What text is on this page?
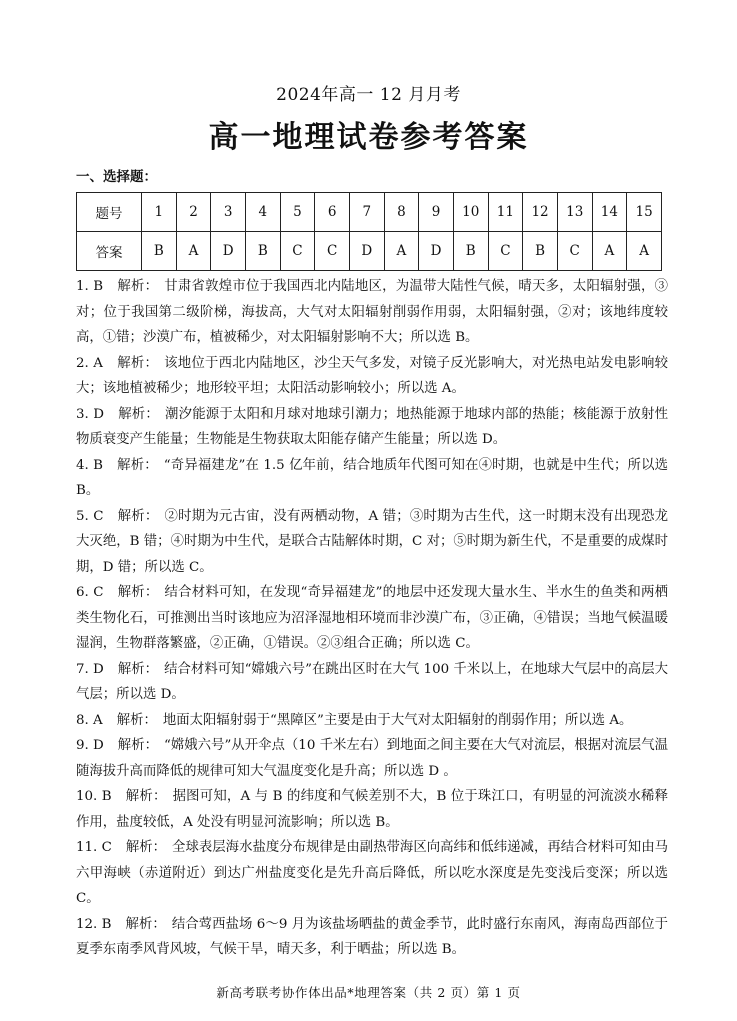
2024年高一 12 月月考
高一地理试卷参考答案
一、选择题：
题号	1	2	3	4	5	6	7	8	9	10	11	12	13	14	15
答案	B	A	D	B	C	C	D	A	D	B	C	B	C	A	A

1. B 解析： 甘肃省敦煌市位于我国西北内陆地区，为温带大陆性气候，晴天多，太阳辐射强，③对；位于我国第二级阶梯，海拔高，大气对太阳辐射削弱作用弱，太阳辐射强，②对；该地纬度较高，①错；沙漠广布，植被稀少，对太阳辐射影响不大；所以选 B。

2. A 解析： 该地位于西北内陆地区，沙尘天气多发，对镜子反光影响大，对光热电站发电影响较大；该地植被稀少；地形较平坦；太阳活动影响较小；所以选 A。

3. D 解析： 潮汐能源于太阳和月球对地球引潮力；地热能源于地球内部的热能；核能源于放射性物质衰变产生能量；生物能是生物获取太阳能存储产生能量；所以选 D。

4. B 解析： “奇异福建龙”在 1.5 亿年前，结合地质年代图可知在④时期，也就是中生代；所以选 B。

5. C 解析： ②时期为元古宙，没有两栖动物，A 错；③时期为古生代，这一时期末没有出现恐龙大灭绝，B 错；④时期为中生代，是联合古陆解体时期，C 对；⑤时期为新生代，不是重要的成煤时期，D 错；所以选 C。

6. C 解析： 结合材料可知，在发现“奇异福建龙”的地层中还发现大量水生、半水生的鱼类和两栖类生物化石，可推测出当时该地应为沼泽湿地相环境而非沙漠广布，③正确，④错误；当地气候温暖湿润，生物群落繁盛，②正确，①错误。②③组合正确；所以选 C。

7. D 解析： 结合材料可知“嫦娥六号”在跳出区时在大气 100 千米以上，在地球大气层中的高层大气层；所以选 D。

8. A 解析： 地面太阳辐射弱于“黑障区”主要是由于大气对太阳辐射的削弱作用；所以选 A。

9. D 解析： “嫦娥六号”从开伞点（10 千米左右）到地面之间主要在大气对流层，根据对流层气温随海拔升高而降低的规律可知大气温度变化是升高；所以选 D 。

10. B 解析： 据图可知，A 与 B 的纬度和气候差别不大，B 位于珠江口，有明显的河流淡水稀释作用，盐度较低，A 处没有明显河流影响；所以选 B。

11. C 解析： 全球表层海水盐度分布规律是由副热带海区向高纬和低纬递减，再结合材料可知由马六甲海峡（赤道附近）到达广州盐度变化是先升高后降低，所以吃水深度是先变浅后变深；所以选 C。

12. B 解析： 结合莺西盐场 6～9 月为该盐场晒盐的黄金季节，此时盛行东南风，海南岛西部位于夏季东南季风背风坡，气候干旱，晴天多，利于晒盐；所以选 B。

新高考联考协作体出品*地理答案（共 2 页）第 1 页
